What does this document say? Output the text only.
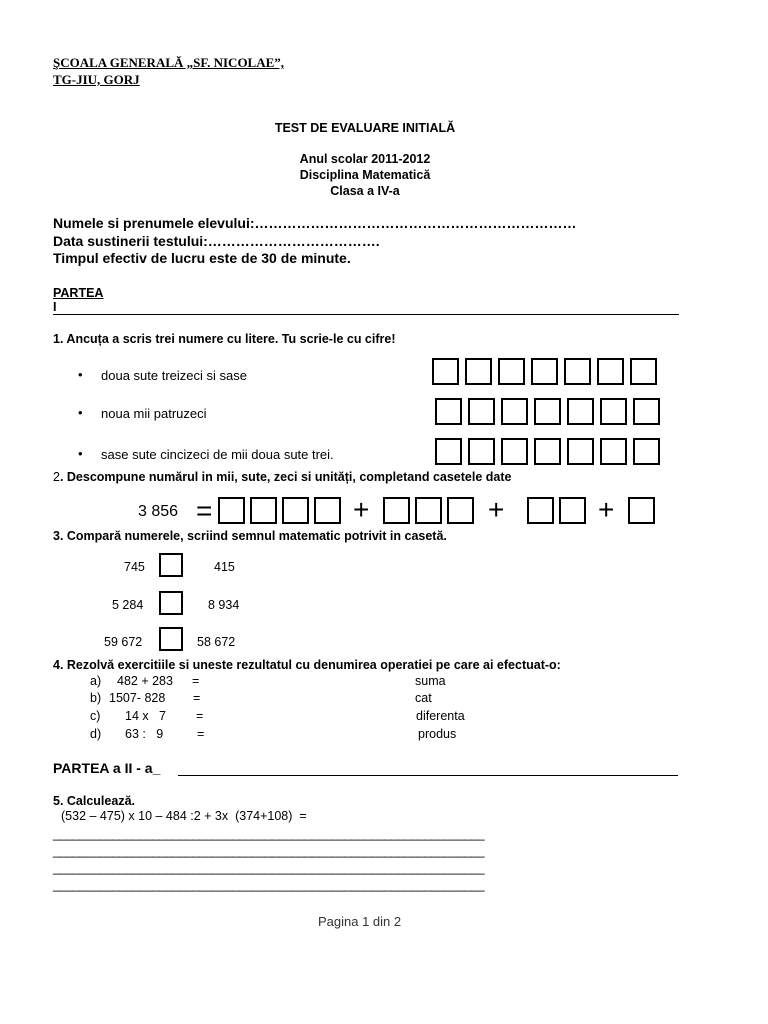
ŞCOALA GENERALĂ „SF. NICOLAE”,
TG-JIU, GORJ
TEST DE EVALUARE INITIALĂ
Anul scolar 2011-2012
Disciplina Matematică
Clasa a IV-a
Numele si prenumele elevului:……………………………………………………………
Data sustinerii testului:……………………………….
Timpul efectiv de lucru este de 30 de minute.
PARTEA
I
1. Ancuța a scris trei numere cu litere. Tu scrie-le cu cifre!
• doua sute treizeci si sase
• noua mii patruzeci
• sase sute cincizeci de mii doua sute trei.
2. Descompune numărul in mii, sute, zeci si unități, completand casetele date
3 856 =	+	+	+
3. Compară numerele, scriind semnul matematic potrivit in casetă.
745	415
5 284	8 934
59 672	58 672
4. Rezolvă exercitiile si uneste rezultatul cu denumirea operatiei pe care ai efectuat-o:
a) 482 + 283 =	suma
b) 1507- 828 =	cat
c) 14 x   7 =	diferenta
d) 63 :   9	=	produs
PARTEA a II - a_
5. Calculează.
(532 – 475) x 10 – 484 :2 + 3x  (374+108)  =
_________________________________________________________________
_________________________________________________________________
_________________________________________________________________
_________________________________________________________________
Pagina 1 din 2
